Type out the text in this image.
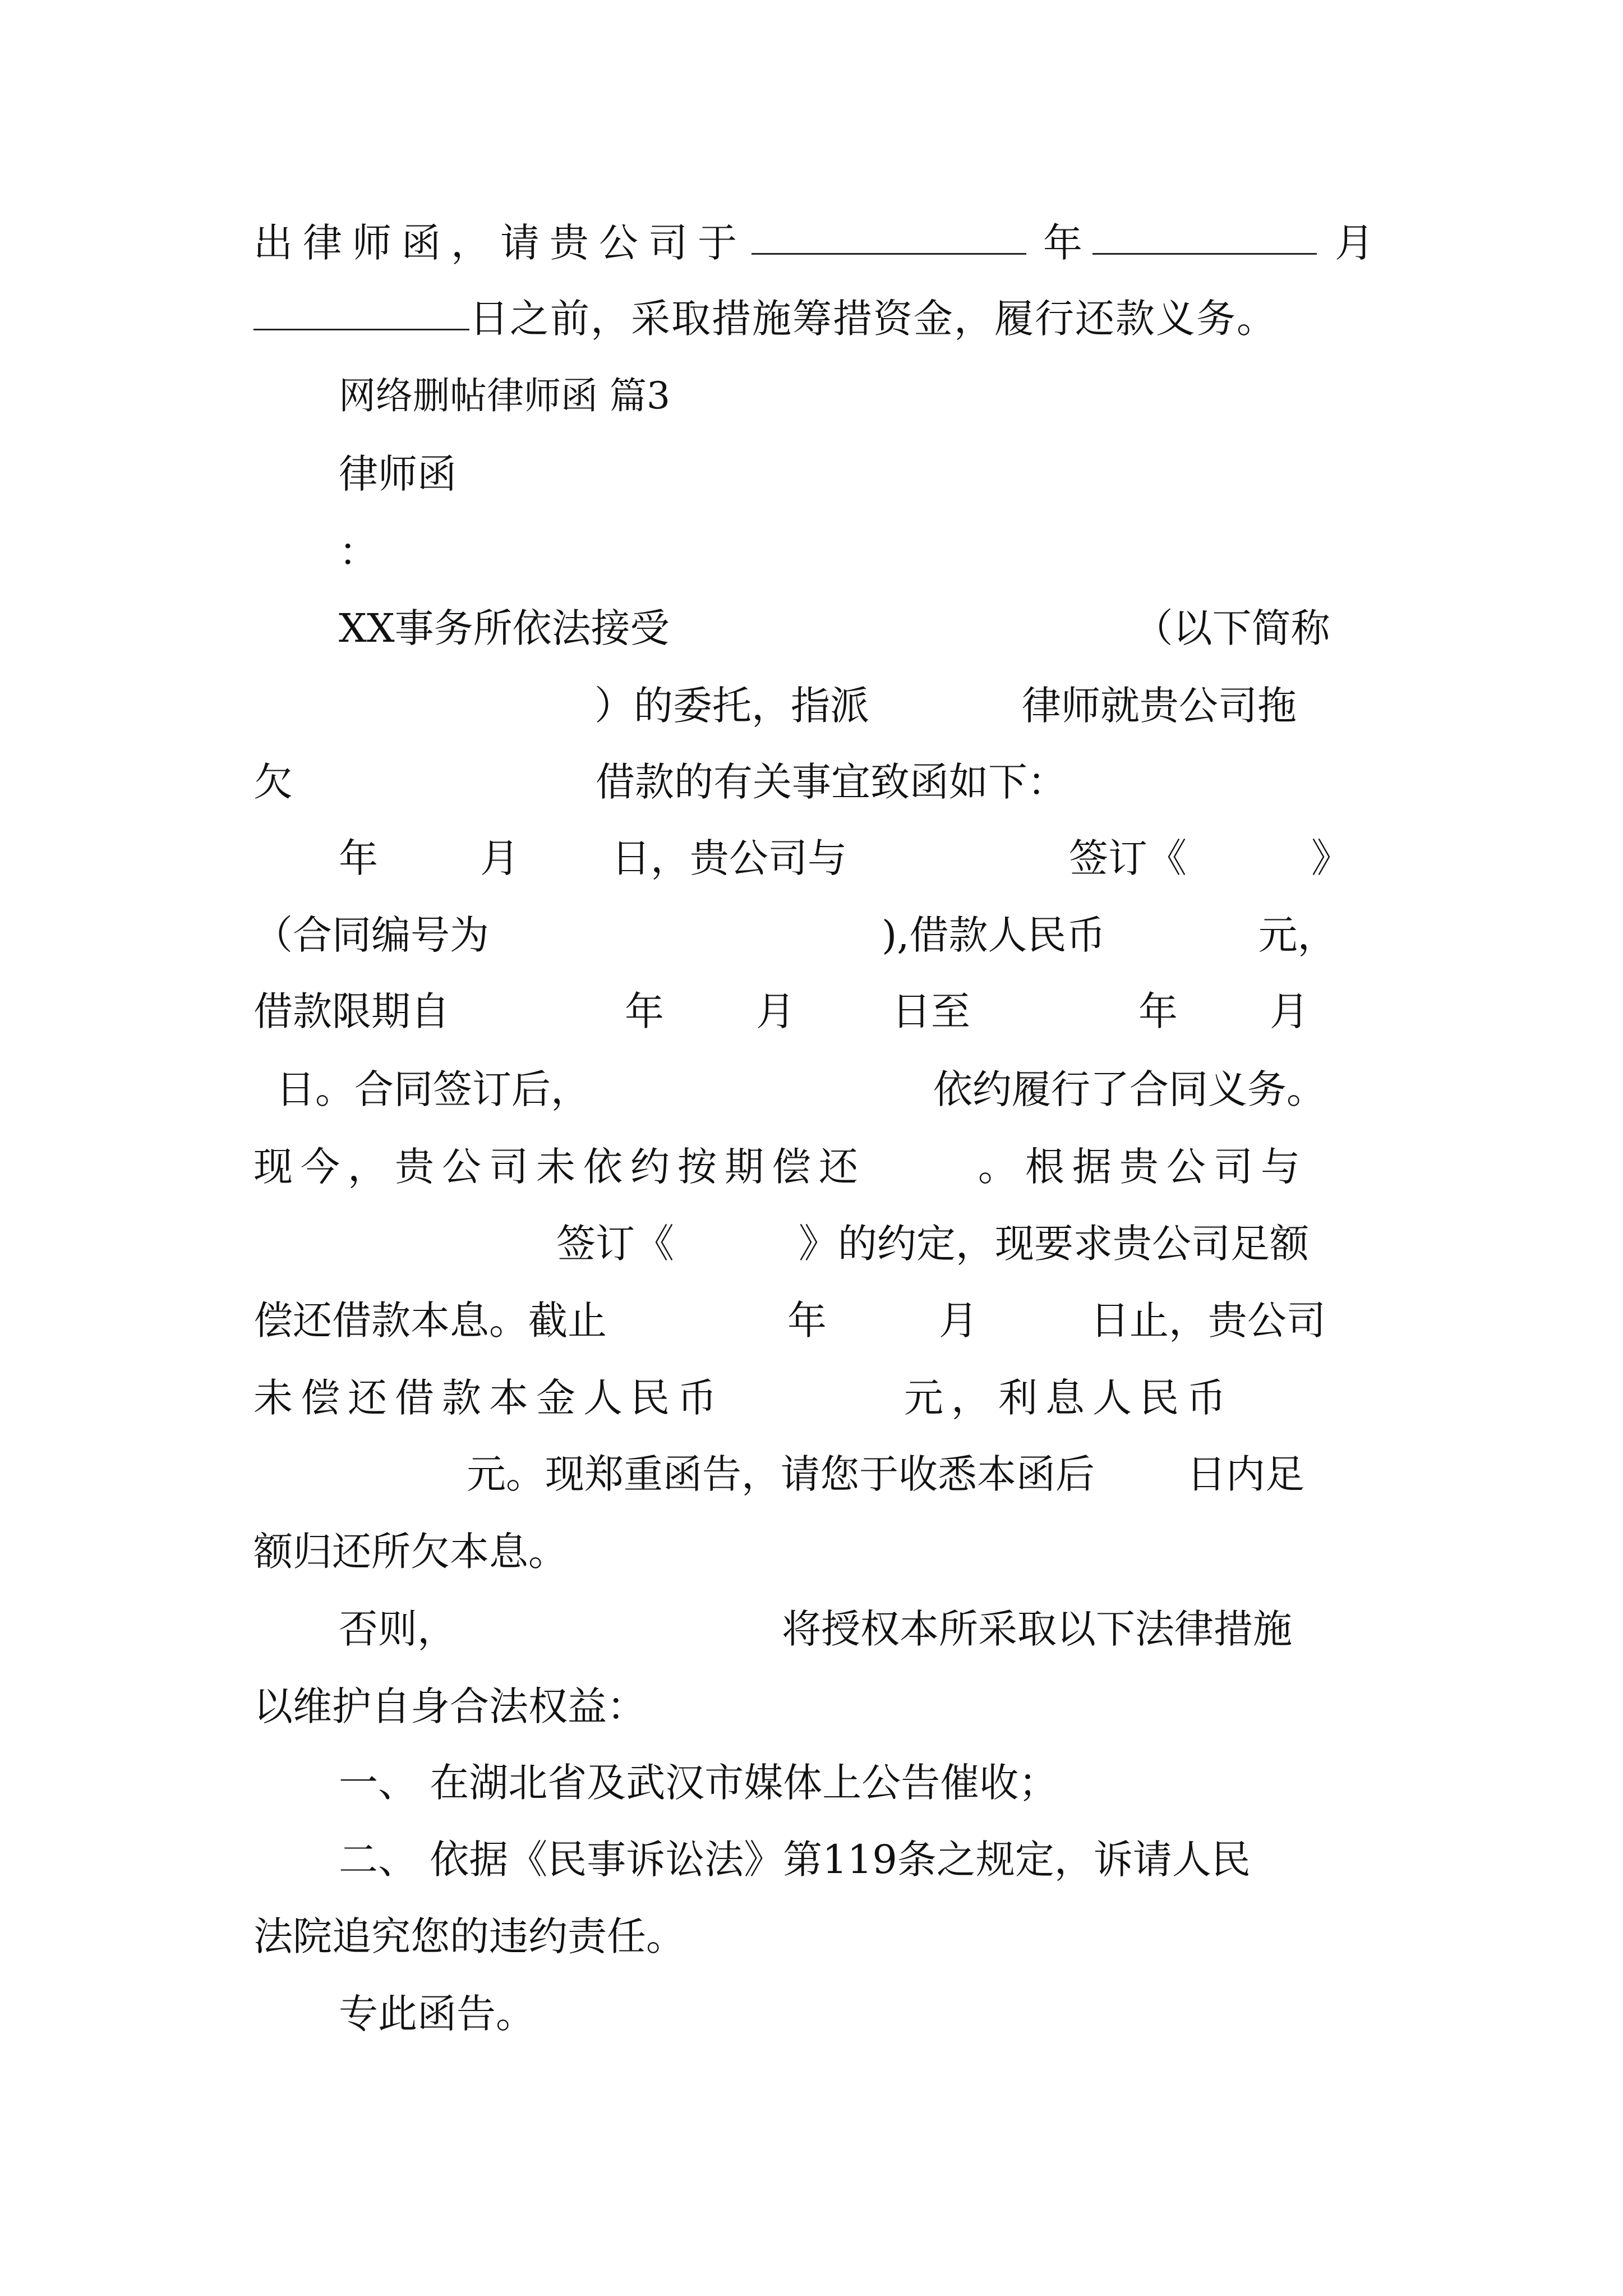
出律师函，请贵公司于	年	月
日之前，采取措施筹措资金，履行还款义务。
网络删帖律师函 篇3
律师函
：
XX事务所依法接受	（以下简称
）的委托，指派	律师就贵公司拖
欠	借款的有关事宜致函如下：
年	月 日，贵公司与	签订《	》
（合同编号为	),借款人民币	元，
借款限期自	年 月 日至	年 月
日。合同签订后，	依约履行了合同义务。
现今，贵公司未依约按期偿还	。根据贵公司与
签订《	》的约定，现要求贵公司足额
偿还借款本息。截止	年	月	日止，贵公司
未偿还借款本金人民币	元，利息人民币
元。现郑重函告，请您于收悉本函后 日内足
额归还所欠本息。
否则，	将授权本所采取以下法律措施
以维护自身合法权益：
一、 在湖北省及武汉市媒体上公告催收；
二、 依据《民事诉讼法》第119条之规定，诉请人民
法院追究您的违约责任。
专此函告。
